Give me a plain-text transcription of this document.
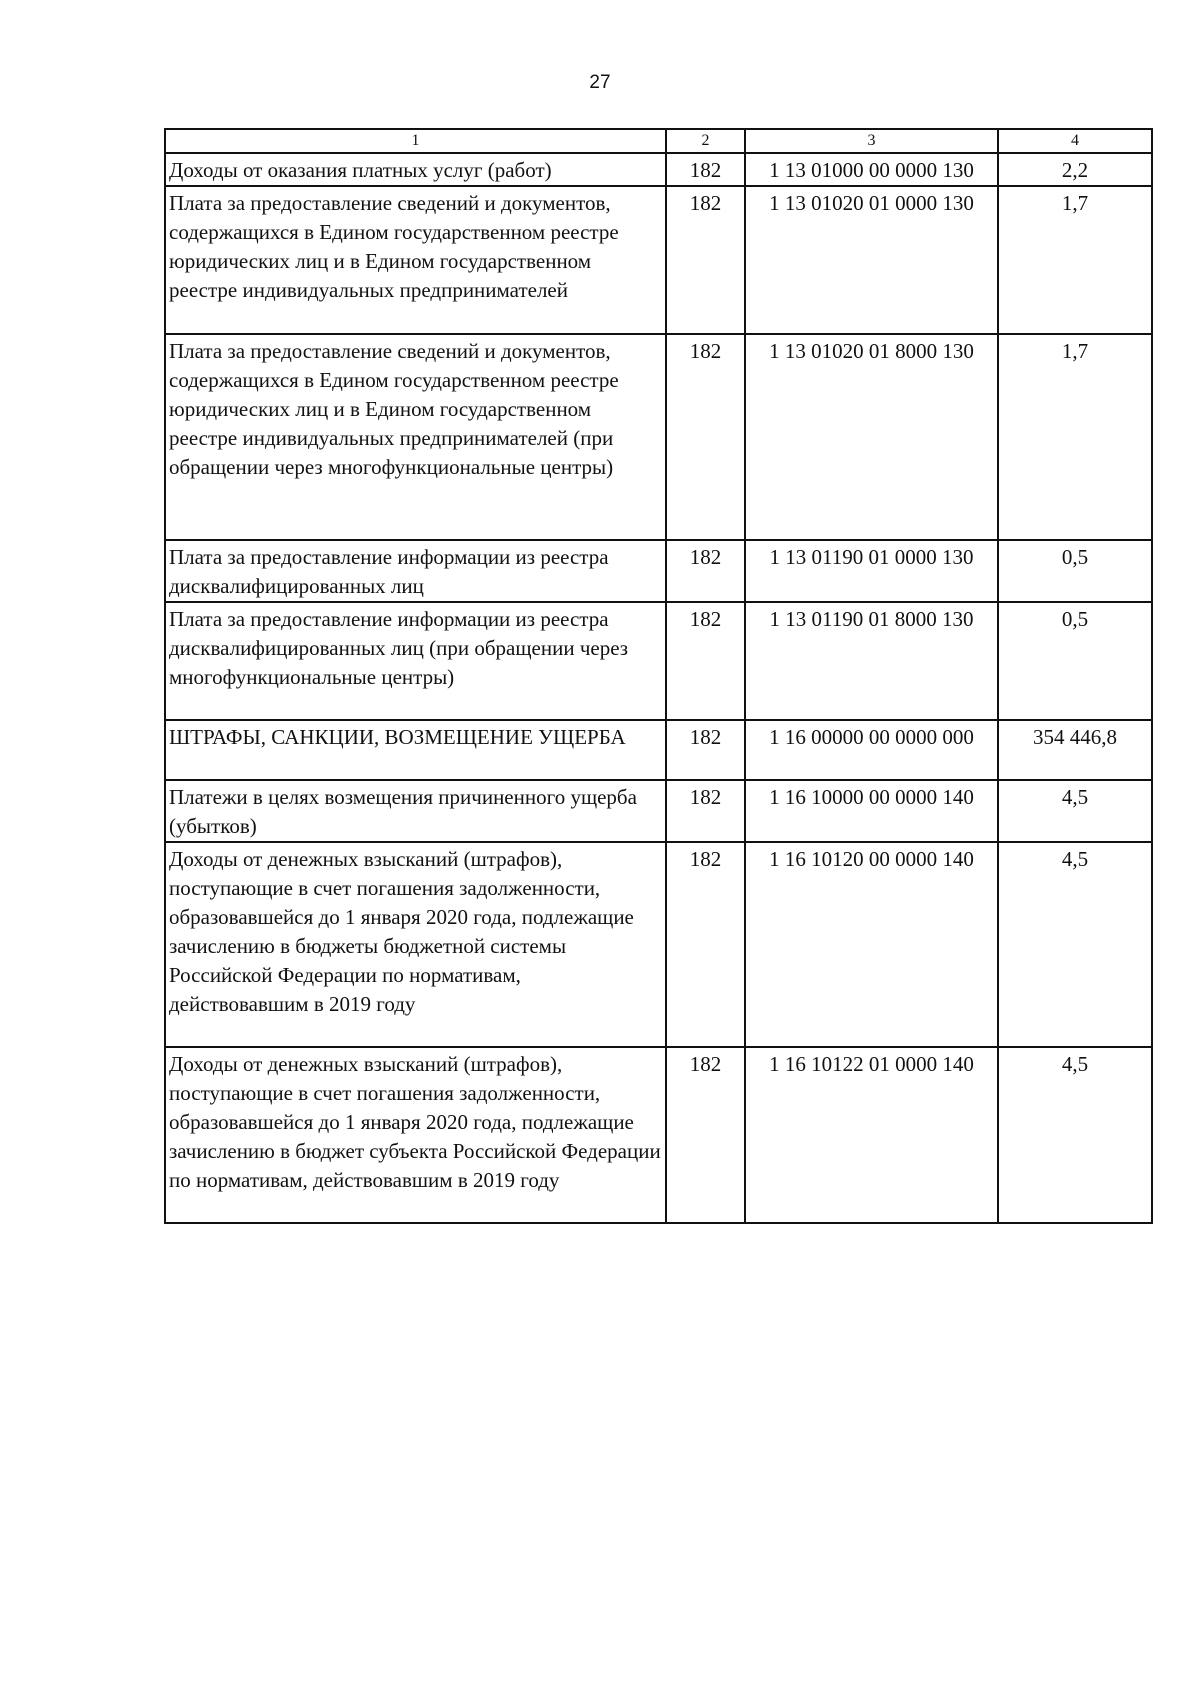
27
1	2	3	4
Доходы от оказания платных услуг (работ)	182	1 13 01000 00 0000 130	2,2
Плата за предоставление сведений и документов, содержащихся в Едином государственном реестре юридических лиц и в Едином государственном реестре индивидуальных предпринимателей	182	1 13 01020 01 0000 130	1,7
Плата за предоставление сведений и документов, содержащихся в Едином государственном реестре юридических лиц и в Едином государственном реестре индивидуальных предпринимателей (при обращении через многофункциональные центры)	182	1 13 01020 01 8000 130	1,7
Плата за предоставление информации из реестра дисквалифицированных лиц	182	1 13 01190 01 0000 130	0,5
Плата за предоставление информации из реестра дисквалифицированных лиц (при обращении через многофункциональные центры)	182	1 13 01190 01 8000 130	0,5
ШТРАФЫ, САНКЦИИ, ВОЗМЕЩЕНИЕ УЩЕРБА	182	1 16 00000 00 0000 000	354 446,8
Платежи в целях возмещения причиненного ущерба (убытков)	182	1 16 10000 00 0000 140	4,5
Доходы от денежных взысканий (штрафов), поступающие в счет погашения задолженности, образовавшейся до 1 января 2020 года, подлежащие зачислению в бюджеты бюджетной системы Российской Федерации по нормативам, действовавшим в 2019 году	182	1 16 10120 00 0000 140	4,5
Доходы от денежных взысканий (штрафов), поступающие в счет погашения задолженности, образовавшейся до 1 января 2020 года, подлежащие зачислению в бюджет субъекта Российской Федерации по нормативам, действовавшим в 2019 году	182	1 16 10122 01 0000 140	4,5
